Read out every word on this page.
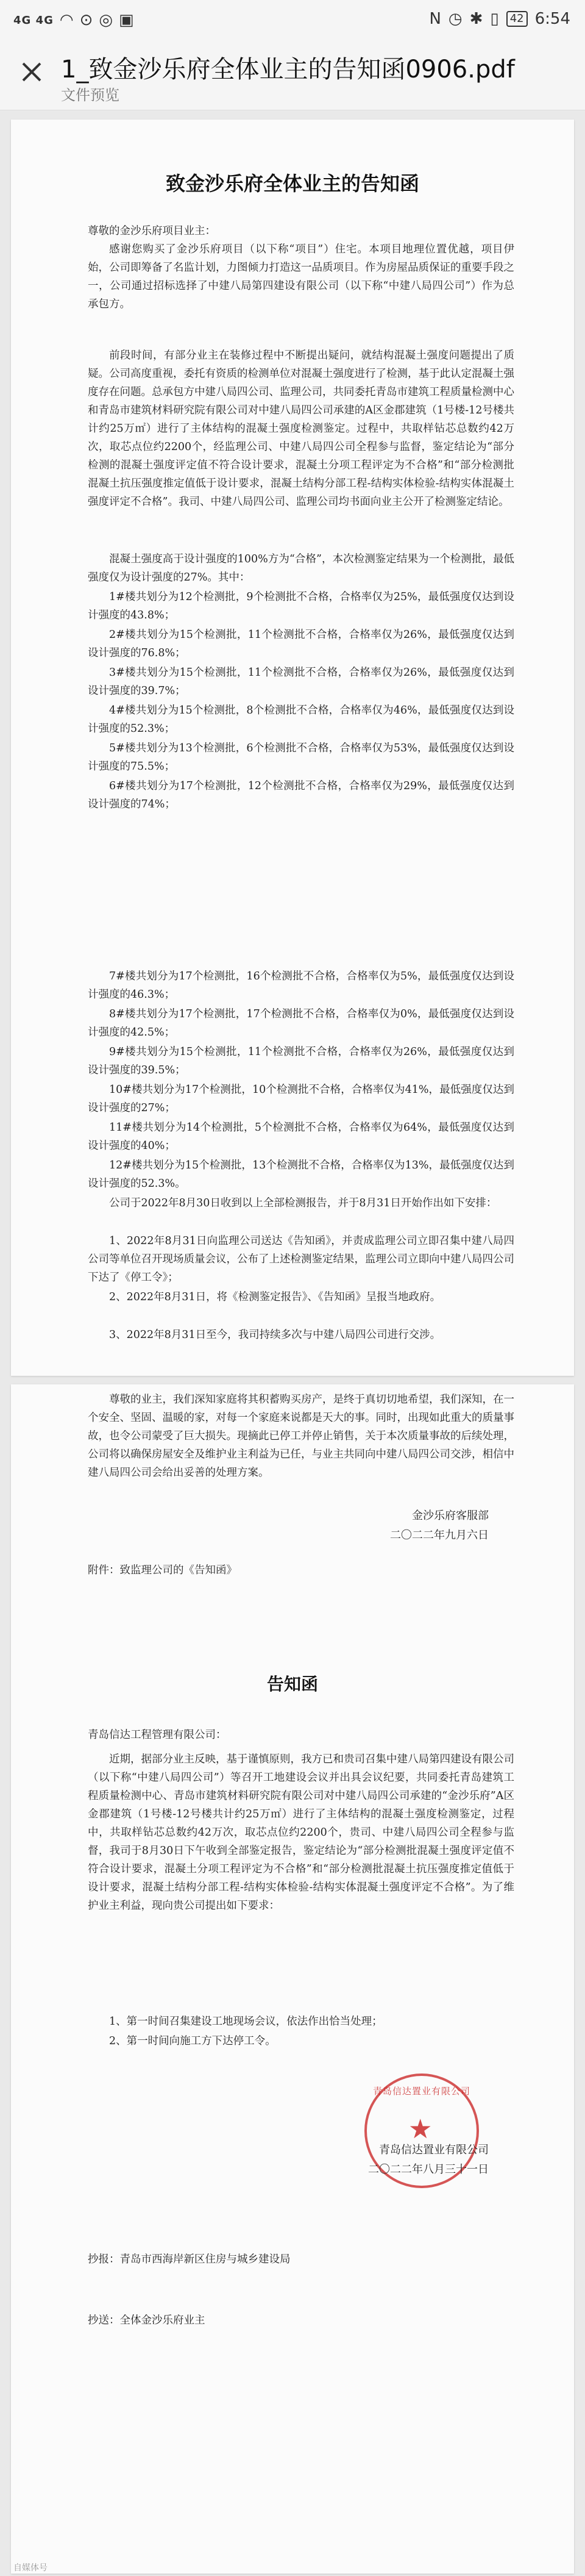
4G 4G ◠ ⊙ ◎ ▣	N ◷ ✱ ▯	42 6:54
1_致金沙乐府全体业主的告知函0906.pdf
文件预览
致金沙乐府全体业主的告知函

尊敬的金沙乐府项目业主：

感谢您购买了金沙乐府项目（以下称“项目”）住宅。本项目地理位置优越，项目伊始，公司即筹备了名监计划，力图倾力打造这一品质项目。作为房屋品质保证的重要手段之一，公司通过招标选择了中建八局第四建设有限公司（以下称“中建八局四公司”）作为总承包方。

前段时间，有部分业主在装修过程中不断提出疑问，就结构混凝土强度问题提出了质疑。公司高度重视，委托有资质的检测单位对混凝土强度进行了检测，基于此认定混凝土强度存在问题。总承包方中建八局四公司、监理公司，共同委托青岛市建筑工程质量检测中心和青岛市建筑材料研究院有限公司对中建八局四公司承建的A区金郡建筑（1号楼-12号楼共计约25万㎡）进行了主体结构的混凝土强度检测鉴定。过程中，共取样钻芯总数约42万次，取芯点位约2200个，经监理公司、中建八局四公司全程参与监督，鉴定结论为“部分检测的混凝土强度评定值不符合设计要求，混凝土分项工程评定为不合格”和“部分检测批混凝土抗压强度推定值低于设计要求，混凝土结构分部工程-结构实体检验-结构实体混凝土强度评定不合格”。我司、中建八局四公司、监理公司均书面向业主公开了检测鉴定结论。

混凝土强度高于设计强度的100%方为“合格”，本次检测鉴定结果为一个检测批，最低强度仅为设计强度的27%。其中：

1#楼共划分为12个检测批，9个检测批不合格，合格率仅为25%，最低强度仅达到设计强度的43.8%；

2#楼共划分为15个检测批，11个检测批不合格，合格率仅为26%，最低强度仅达到设计强度的76.8%；

3#楼共划分为15个检测批，11个检测批不合格，合格率仅为26%，最低强度仅达到设计强度的39.7%；

4#楼共划分为15个检测批，8个检测批不合格，合格率仅为46%，最低强度仅达到设计强度的52.3%；

5#楼共划分为13个检测批，6个检测批不合格，合格率仅为53%，最低强度仅达到设计强度的75.5%；

6#楼共划分为17个检测批，12个检测批不合格，合格率仅为29%，最低强度仅达到设计强度的74%；

7#楼共划分为17个检测批，16个检测批不合格，合格率仅为5%，最低强度仅达到设计强度的46.3%；

8#楼共划分为17个检测批，17个检测批不合格，合格率仅为0%，最低强度仅达到设计强度的42.5%；

9#楼共划分为15个检测批，11个检测批不合格，合格率仅为26%，最低强度仅达到设计强度的39.5%；

10#楼共划分为17个检测批，10个检测批不合格，合格率仅为41%，最低强度仅达到设计强度的27%；

11#楼共划分为14个检测批，5个检测批不合格，合格率仅为64%，最低强度仅达到设计强度的40%；

12#楼共划分为15个检测批，13个检测批不合格，合格率仅为13%，最低强度仅达到设计强度的52.3%。

公司于2022年8月30日收到以上全部检测报告，并于8月31日开始作出如下安排：

1、2022年8月31日向监理公司送达《告知函》，并责成监理公司立即召集中建八局四公司等单位召开现场质量会议，公布了上述检测鉴定结果，监理公司立即向中建八局四公司下达了《停工令》；

2、2022年8月31日，将《检测鉴定报告》、《告知函》呈报当地政府。

3、2022年8月31日至今，我司持续多次与中建八局四公司进行交涉。

尊敬的业主，我们深知家庭将其积蓄购买房产，是终于真切切地希望，我们深知，在一个安全、坚固、温暖的家，对每一个家庭来说都是天大的事。同时，出现如此重大的质量事故，也令公司蒙受了巨大损失。现摘此已停工并停止销售，关于本次质量事故的后续处理，公司将以确保房屋安全及维护业主利益为已任，与业主共同向中建八局四公司交涉，相信中建八局四公司会给出妥善的处理方案。

金沙乐府客服部
二〇二二年九月六日

附件：致监理公司的《告知函》

告知函

青岛信达工程管理有限公司：

近期，据部分业主反映，基于谨慎原则，我方已和贵司召集中建八局第四建设有限公司（以下称“中建八局四公司”）等召开工地建设会议并出具会议纪要，共同委托青岛建筑工程质量检测中心、青岛市建筑材料研究院有限公司对中建八局四公司承建的“金沙乐府”A区金郡建筑（1号楼-12号楼共计约25万㎡）进行了主体结构的混凝土强度检测鉴定，过程中，共取样钻芯总数约42万次，取芯点位约2200个，贵司、中建八局四公司全程参与监督，我司于8月30日下午收到全部鉴定报告，鉴定结论为“部分检测批混凝土强度评定值不符合设计要求，混凝土分项工程评定为不合格”和“部分检测批混凝土抗压强度推定值低于设计要求，混凝土结构分部工程-结构实体检验-结构实体混凝土强度评定不合格”。为了维护业主利益，现向贵公司提出如下要求：

1、第一时间召集建设工地现场会议，依法作出恰当处理；

2、第一时间向施工方下达停工令。

青岛信达置业有限公司
★
青岛信达置业有限公司
二〇二二年八月三十一日

抄报：青岛市西海岸新区住房与城乡建设局

抄送：全体金沙乐府业主

自媒体号
